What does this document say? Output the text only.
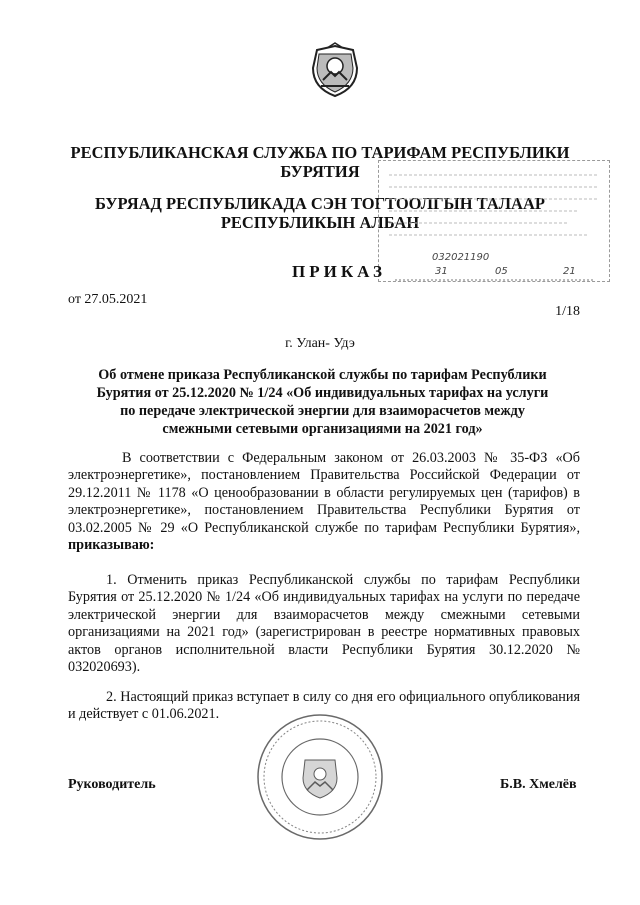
РЕСПУБЛИКАНСКАЯ СЛУЖБА ПО ТАРИФАМ РЕСПУБЛИКИ БУРЯТИЯ
БУРЯАД РЕСПУБЛИКАДА СЭН ТОГТООЛГЫН ТАЛААР РЕСПУБЛИКЫН АЛБАН
ПРИКАЗ
032021190
31	05	21
от 27.05.2021
1/18
г. Улан- Удэ
Об отмене приказа Республиканской службы по тарифам Республики Бурятия от 25.12.2020 № 1/24 «Об индивидуальных тарифах на услуги по передаче электрической энергии для взаиморасчетов между смежными сетевыми организациями на 2021 год»
В соответствии с Федеральным законом от 26.03.2003 № 35-ФЗ «Об электроэнергетике», постановлением Правительства Российской Федерации от 29.12.2011 № 1178 «О ценообразовании в области регулируемых цен (тарифов) в электроэнергетике», постановлением Правительства Республики Бурятия от 03.02.2005 № 29 «О Республиканской службе по тарифам Республики Бурятия», приказываю:
1. Отменить приказ Республиканской службы по тарифам Республики Бурятия от 25.12.2020 № 1/24 «Об индивидуальных тарифах на услуги по передаче электрической энергии для взаиморасчетов между смежными сетевыми организациями на 2021 год» (зарегистрирован в реестре нормативных правовых актов органов исполнительной власти Республики Бурятия 30.12.2020 № 032020693).
2. Настоящий приказ вступает в силу со дня его официального опубликования и действует с 01.06.2021.
Руководитель	Б.В. Хмелёв
